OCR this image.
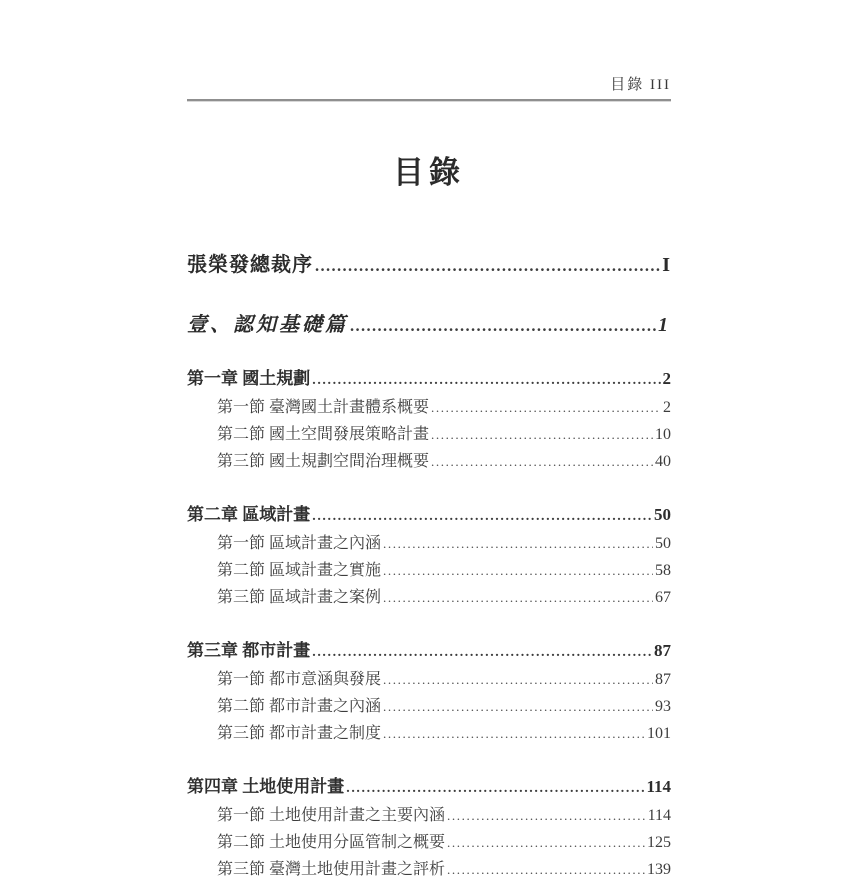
目錄 III
目錄
張榮發總裁序 .....	I
壹、認知基礎篇 .....	1
第一章 國土規劃 .....	2
第一節 臺灣國土計畫體系概要 .....	2
第二節 國土空間發展策略計畫 .....	10
第三節 國土規劃空間治理概要 .....	40
第二章 區域計畫 .....	50
第一節 區域計畫之內涵 .....	50
第二節 區域計畫之實施 .....	58
第三節 區域計畫之案例 .....	67
第三章 都市計畫 .....	87
第一節 都市意涵與發展 .....	87
第二節 都市計畫之內涵 .....	93
第三節 都市計畫之制度 .....	101
第四章 土地使用計畫 .....	114
第一節 土地使用計畫之主要內涵 .....	114
第二節 土地使用分區管制之概要 .....	125
第三節 臺灣土地使用計畫之評析 .....	139
